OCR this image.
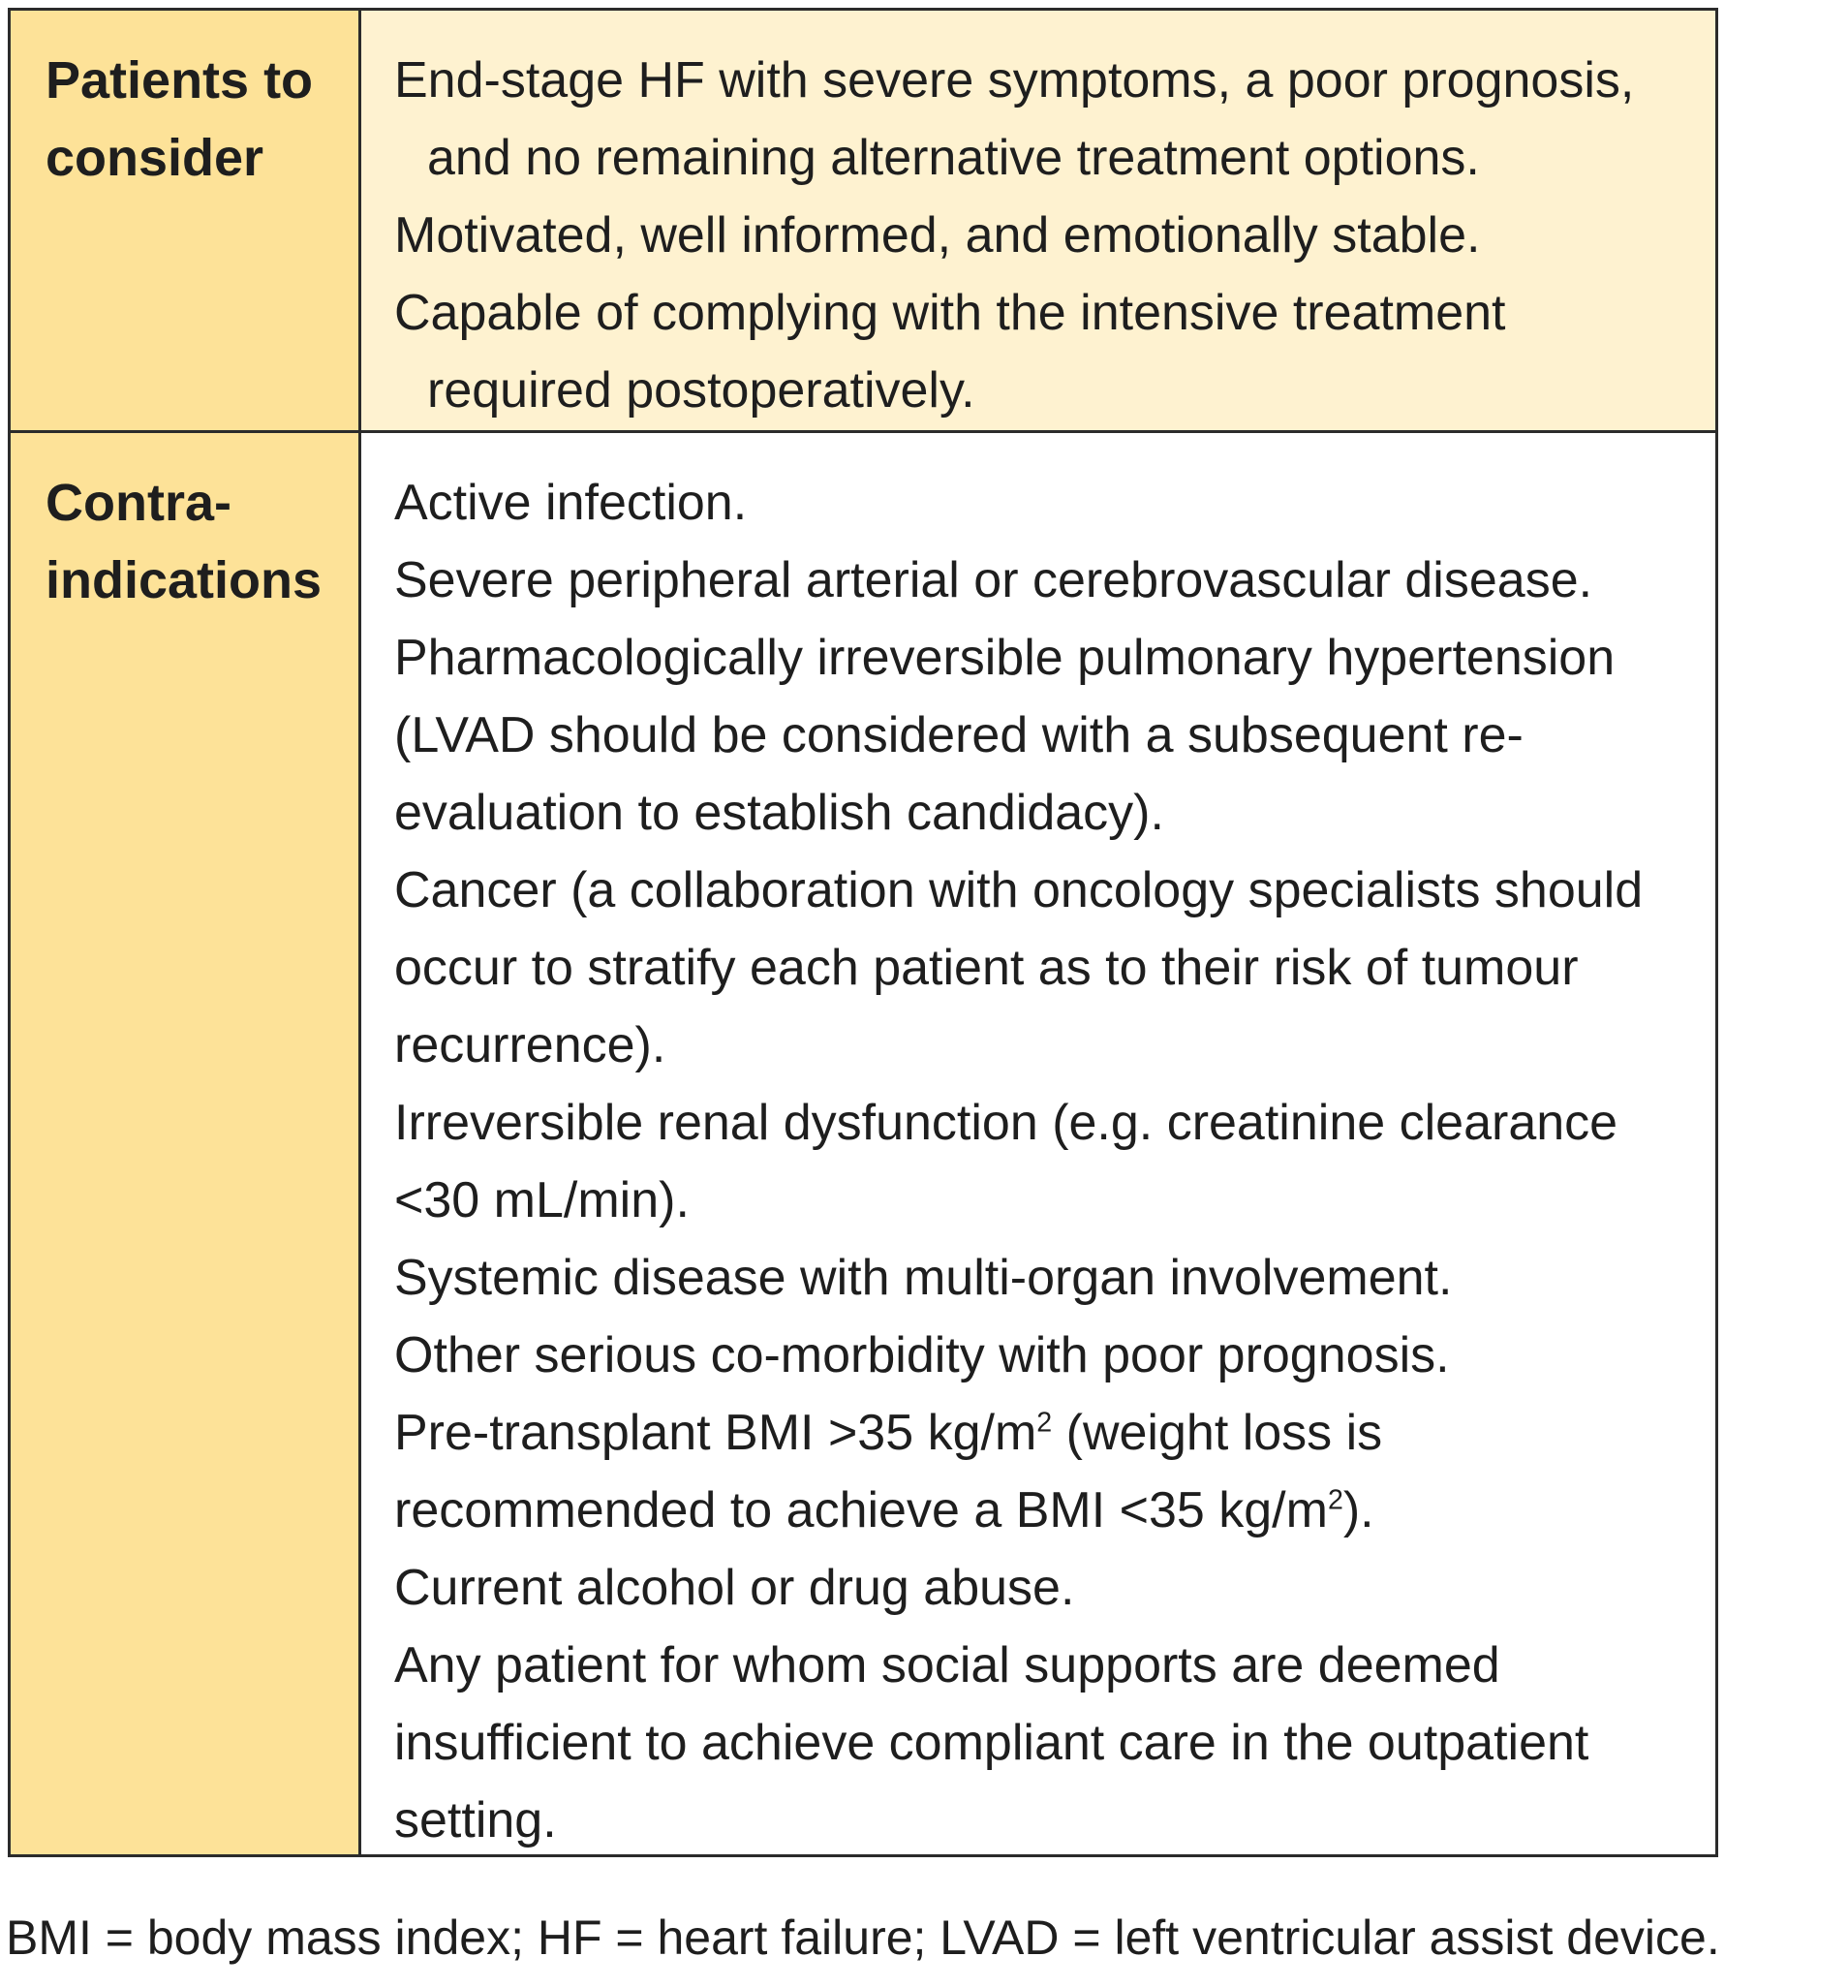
Patients to
consider
End-stage HF with severe symptoms, a poor prognosis, and no remaining alternative treatment options.
Motivated, well informed, and emotionally stable.
Capable of complying with the intensive treatment required postoperatively.
Contra-
indications
Active infection.
Severe peripheral arterial or cerebrovascular disease.
Pharmacologically irreversible pulmonary hypertension (LVAD should be considered with a subsequent re-evaluation to establish candidacy).
Cancer (a collaboration with oncology specialists should occur to stratify each patient as to their risk of tumour recurrence).
Irreversible renal dysfunction (e.g. creatinine clearance <30 mL/min).
Systemic disease with multi-organ involvement.
Other serious co-morbidity with poor prognosis.
Pre-transplant BMI >35 $kg/m^2$ (weight loss is recommended to achieve a BMI <35 $kg/m^2$).
Current alcohol or drug abuse.
Any patient for whom social supports are deemed insufficient to achieve compliant care in the outpatient setting.
BMI = body mass index; HF = heart failure; LVAD = left ventricular assist device.
